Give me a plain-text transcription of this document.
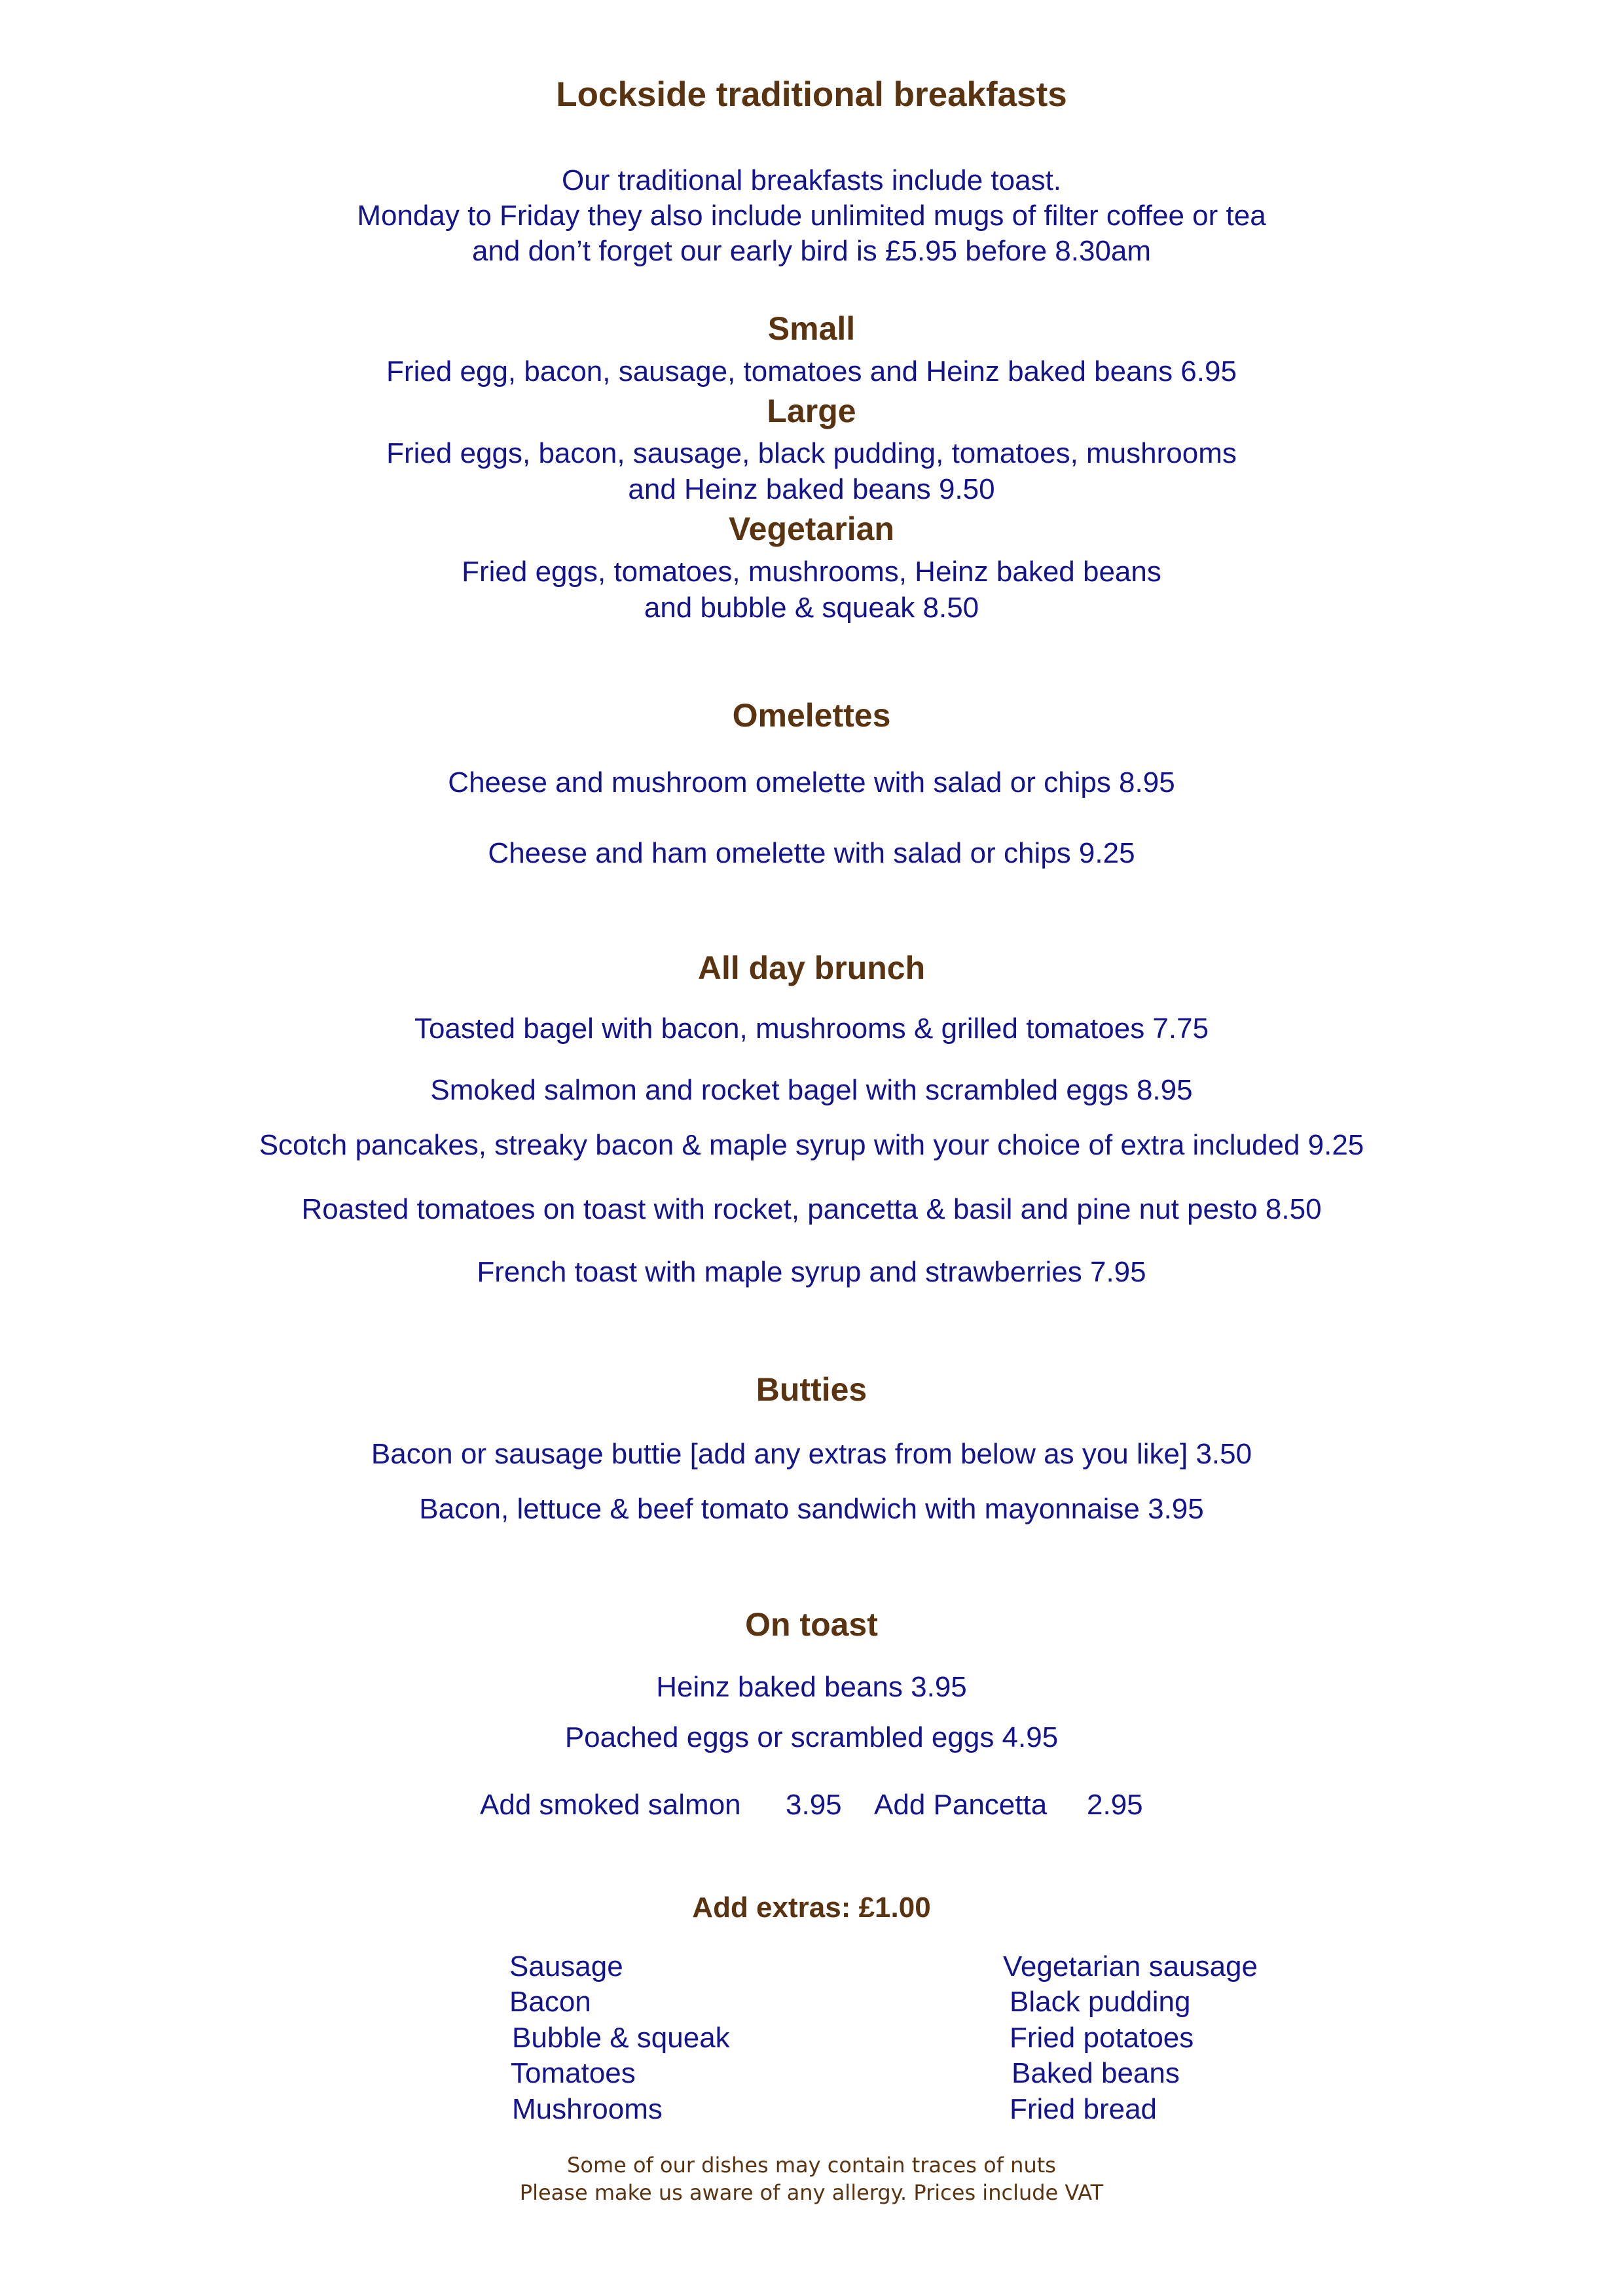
Lockside traditional breakfasts
Our traditional breakfasts include toast.
Monday to Friday they also include unlimited mugs of filter coffee or tea
and don’t forget our early bird is £5.95 before 8.30am
Small
Fried egg, bacon, sausage, tomatoes and Heinz baked beans 6.95
Large
Fried eggs, bacon, sausage, black pudding, tomatoes, mushrooms
and Heinz baked beans 9.50
Vegetarian
Fried eggs, tomatoes, mushrooms, Heinz baked beans
and bubble & squeak 8.50
Omelettes
Cheese and mushroom omelette with salad or chips 8.95
Cheese and ham omelette with salad or chips 9.25
All day brunch
Toasted bagel with bacon, mushrooms & grilled tomatoes 7.75
Smoked salmon and rocket bagel with scrambled eggs 8.95
Scotch pancakes, streaky bacon & maple syrup with your choice of extra included 9.25
Roasted tomatoes on toast with rocket, pancetta & basil and pine nut pesto 8.50
French toast with maple syrup and strawberries 7.95
Butties
Bacon or sausage buttie [add any extras from below as you like] 3.50
Bacon, lettuce & beef tomato sandwich with mayonnaise 3.95
On toast
Heinz baked beans 3.95
Poached eggs or scrambled eggs 4.95
Add smoked salmon 3.95 Add Pancetta 2.95
Add extras: £1.00
Sausage
Bacon
Bubble & squeak
Tomatoes
Mushrooms
Vegetarian sausage
Black pudding
Fried potatoes
Baked beans
Fried bread
Some of our dishes may contain traces of nuts
Please make us aware of any allergy. Prices include VAT
